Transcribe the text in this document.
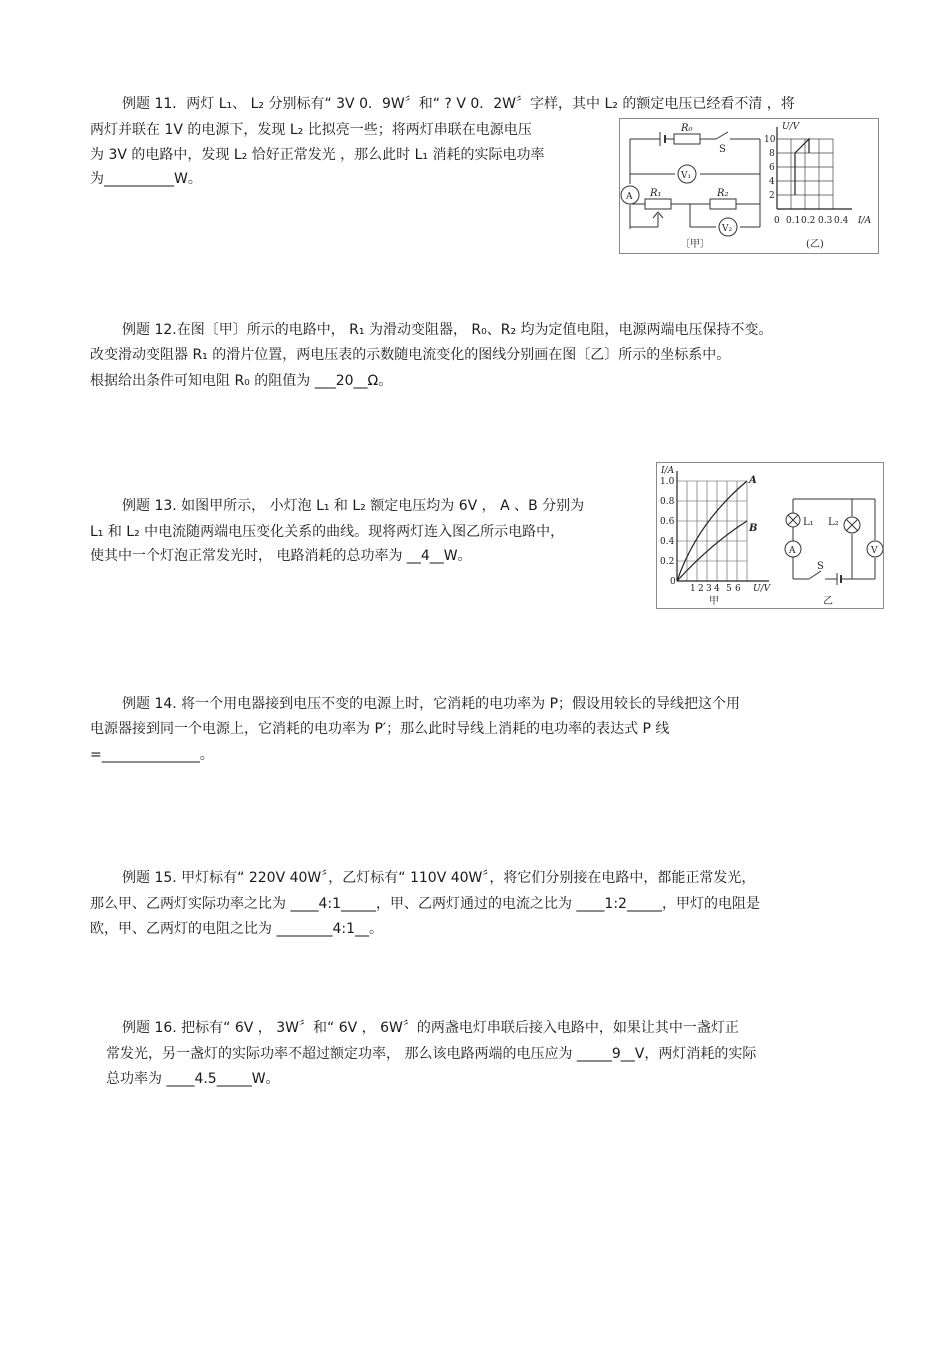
例题 11．两灯 L₁、 L₂ 分别标有“ 3V 0．9W〞和“ ? V 0．2W〞字样，其中 L₂ 的额定电压已经看不清 ，将
两灯并联在 1V 的电源下，发现 L₂ 比拟亮一些；将两灯串联在电源电压
为 3V 的电路中，发现 L₂ 恰好正常发光 ，那么此时 L₁ 消耗的实际电功率
为__________W。
R₀
S
V₁
A R₁	R₂
V₂
〔甲〕
U/V
I/A
10
8
6
4
2
0 0.1 0.2 0.3 0.4
(乙)
例题 12.在图〔甲〕所示的电路中， R₁ 为滑动变阻器， R₀、R₂ 均为定值电阻，电源两端电压保持不变。
改变滑动变阻器 R₁ 的滑片位置，两电压表的示数随电流变化的图线分别画在图〔乙〕所示的坐标系中。
根据给出条件可知电阻 R₀ 的阻值为 ___20__Ω。
例题 13. 如图甲所示， 小灯泡 L₁ 和 L₂ 额定电压均为 6V ， A 、B 分别为
L₁ 和 L₂ 中电流随两端电压变化关系的曲线。现将两灯连入图乙所示电路中，
使其中一个灯泡正常发光时， 电路消耗的总功率为 __4__W。
I/A
U/V
1.0
0.8
0.6
0.4
0.2
0
1 2 3 4 5 6
A
B
甲
L₁ L₂
A	V
S
乙
例题 14. 将一个用电器接到电压不变的电源上时，它消耗的电功率为 P；假设用较长的导线把这个用
电源器接到同一个电源上，它消耗的电功率为 P′；那么此时导线上消耗的电功率的表达式 P 线
=______________。
例题 15. 甲灯标有“ 220V 40W〞，乙灯标有“ 110V 40W〞，将它们分别接在电路中，都能正常发光，
那么甲、乙两灯实际功率之比为 ____4:1_____，甲、乙两灯通过的电流之比为 ____1:2_____，甲灯的电阻是
欧，甲、乙两灯的电阻之比为 ________4:1__。
例题 16. 把标有“ 6V ， 3W〞和“ 6V ， 6W〞的两盏电灯串联后接入电路中，如果让其中一盏灯正
常发光，另一盏灯的实际功率不超过额定功率， 那么该电路两端的电压应为 _____9__V，两灯消耗的实际
总功率为 ____4.5_____W。
